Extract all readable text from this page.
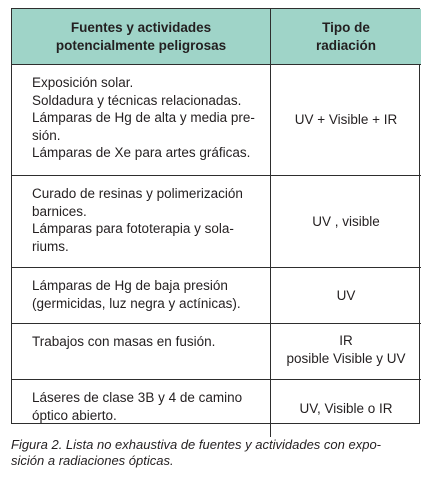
Fuentes y actividades
potencialmente peligrosas
Tipo de
radiación
Exposición solar.
Soldadura y técnicas relacionadas.
Lámparas de Hg de alta y media pre-
sión.
Lámparas de Xe para artes gráficas.
UV + Visible + IR
Curado de resinas y polimerización
barnices.
Lámparas para fototerapia y sola-
riums.
UV , visible
Lámparas de Hg de baja presión
(germicidas, luz negra y actínicas).
UV
Trabajos con masas en fusión.	IR
posible Visible y UV
Láseres de clase 3B y 4 de camino
óptico abierto.	UV, Visible o IR
Figura 2. Lista no exhaustiva de fuentes y actividades con expo-
sición a radiaciones ópticas.
